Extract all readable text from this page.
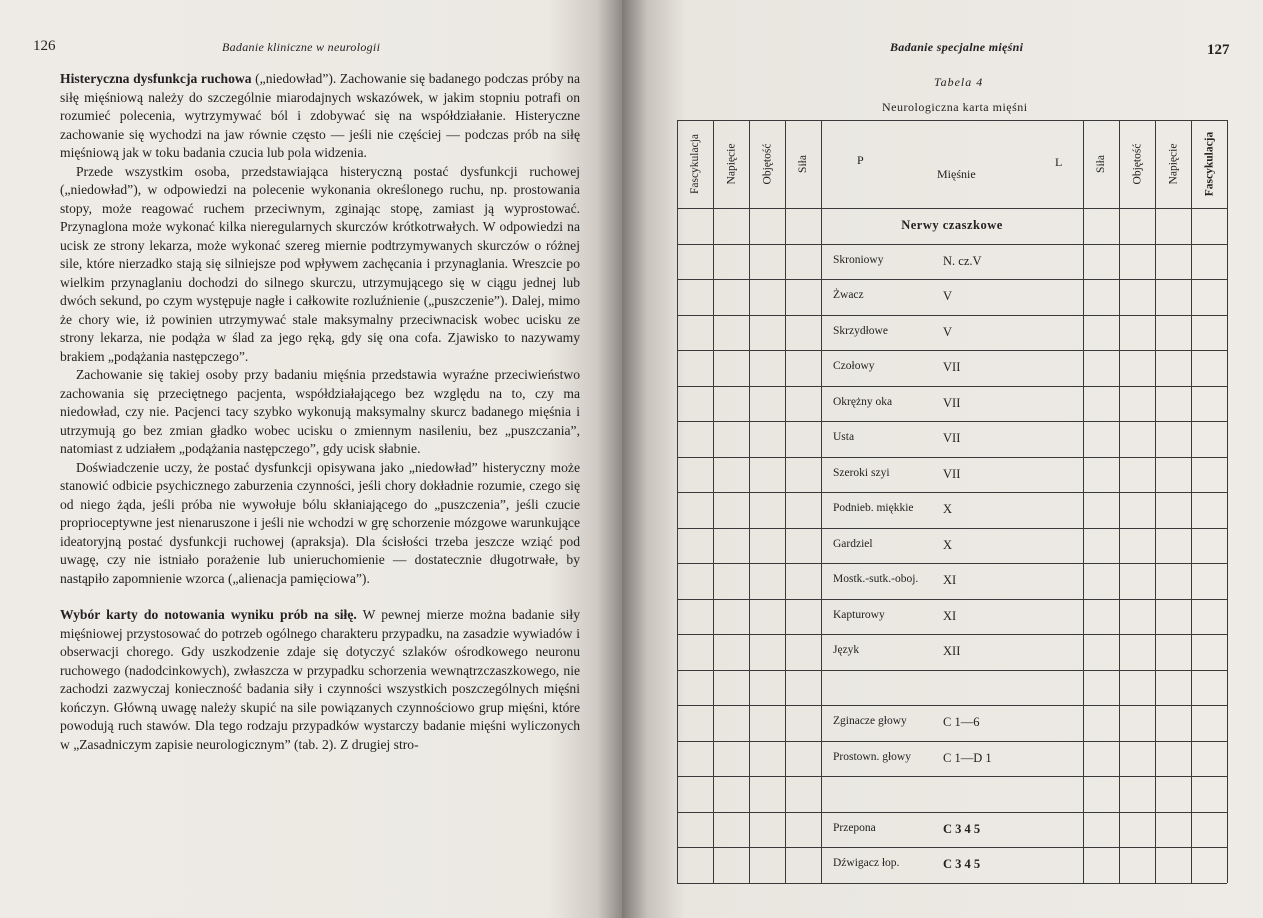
126	Badanie kliniczne w neurologii

Histeryczna dysfunkcja ruchowa („niedowład”). Zachowanie się badanego podczas próby na siłę mięśniową należy do szczególnie miarodajnych wskazówek, w jakim stopniu potrafi on rozumieć polecenia, wytrzymywać ból i zdobywać się na współdziałanie. Histeryczne zachowanie się wychodzi na jaw równie często — jeśli nie częściej — podczas prób na siłę mięśniową jak w toku badania czucia lub pola widzenia.

Przede wszystkim osoba, przedstawiająca histeryczną postać dysfunkcji ruchowej („niedowład”), w odpowiedzi na polecenie wykonania określonego ruchu, np. prostowania stopy, może reagować ruchem przeciwnym, zginając stopę, zamiast ją wyprostować. Przynaglona może wykonać kilka nieregularnych skurczów krótkotrwałych. W odpowiedzi na ucisk ze strony lekarza, może wykonać szereg miernie podtrzymywanych skurczów o różnej sile, które nierzadko stają się silniejsze pod wpływem zachęcania i przynaglania. Wreszcie po wielkim przynaglaniu dochodzi do silnego skurczu, utrzymującego się w ciągu jednej lub dwóch sekund, po czym występuje nagłe i całkowite rozluźnienie („puszczenie”). Dalej, mimo że chory wie, iż powinien utrzymywać stale maksymalny przeciwnacisk wobec ucisku ze strony lekarza, nie podąża w ślad za jego ręką, gdy się ona cofa. Zjawisko to nazywamy brakiem „podążania następczego”.

Zachowanie się takiej osoby przy badaniu mięśnia przedstawia wyraźne przeciwieństwo zachowania się przeciętnego pacjenta, współdziałającego bez względu na to, czy ma niedowład, czy nie. Pacjenci tacy szybko wykonują maksymalny skurcz badanego mięśnia i utrzymują go bez zmian gładko wobec ucisku o zmiennym nasileniu, bez „puszczania”, natomiast z udziałem „podążania następczego”, gdy ucisk słabnie.

Doświadczenie uczy, że postać dysfunkcji opisywana jako „niedowład” histeryczny może stanowić odbicie psychicznego zaburzenia czynności, jeśli chory dokładnie rozumie, czego się od niego żąda, jeśli próba nie wywołuje bólu skłaniającego do „puszczenia”, jeśli czucie proprioceptywne jest nienaruszone i jeśli nie wchodzi w grę schorzenie mózgowe warunkujące ideatoryjną postać dysfunkcji ruchowej (apraksja). Dla ścisłości trzeba jeszcze wziąć pod uwagę, czy nie istniało porażenie lub unieruchomienie — dostatecznie długotrwałe, by nastąpiło zapomnienie wzorca („alienacja pamięciowa”).

Wybór karty do notowania wyniku prób na siłę. W pewnej mierze można badanie siły mięśniowej przystosować do potrzeb ogólnego charakteru przypadku, na zasadzie wywiadów i obserwacji chorego. Gdy uszkodzenie zdaje się dotyczyć szlaków ośrodkowego neuronu ruchowego (nadodcinkowych), zwłaszcza w przypadku schorzenia wewnątrzczaszkowego, nie zachodzi zazwyczaj konieczność badania siły i czynności wszystkich poszczególnych mięśni kończyn. Główną uwagę należy skupić na sile powiązanych czynnościowo grup mięśni, które powodują ruch stawów. Dla tego rodzaju przypadków wystarczy badanie mięśni wyliczonych w „Zasadniczym zapisie neurologicznym” (tab. 2). Z drugiej stro-

Badanie specjalne mięśni	127
Tabela 4
Neurologiczna karta mięśni
Fascykulacja Napięcie Objętość Siła	P
Mięśnie
L	Siła Objętość Napięcie Fascykulacja
Nerwy czaszkowe
Skroniowy	N. cz.V
Żwacz	V
Skrzydłowe	V
Czołowy	VII
Okrężny oka	VII
Usta	VII
Szeroki szyi	VII
Podnieb. miękkie X
Gardziel	X
Mostk.-sutk.-oboj. XI
Kapturowy	XI
Język	XII
Zginacze głowy	C 1—6
Prostown. głowy	C 1—D 1
Przepona	C 3 4 5
Dźwigacz łop.	C 3 4 5
